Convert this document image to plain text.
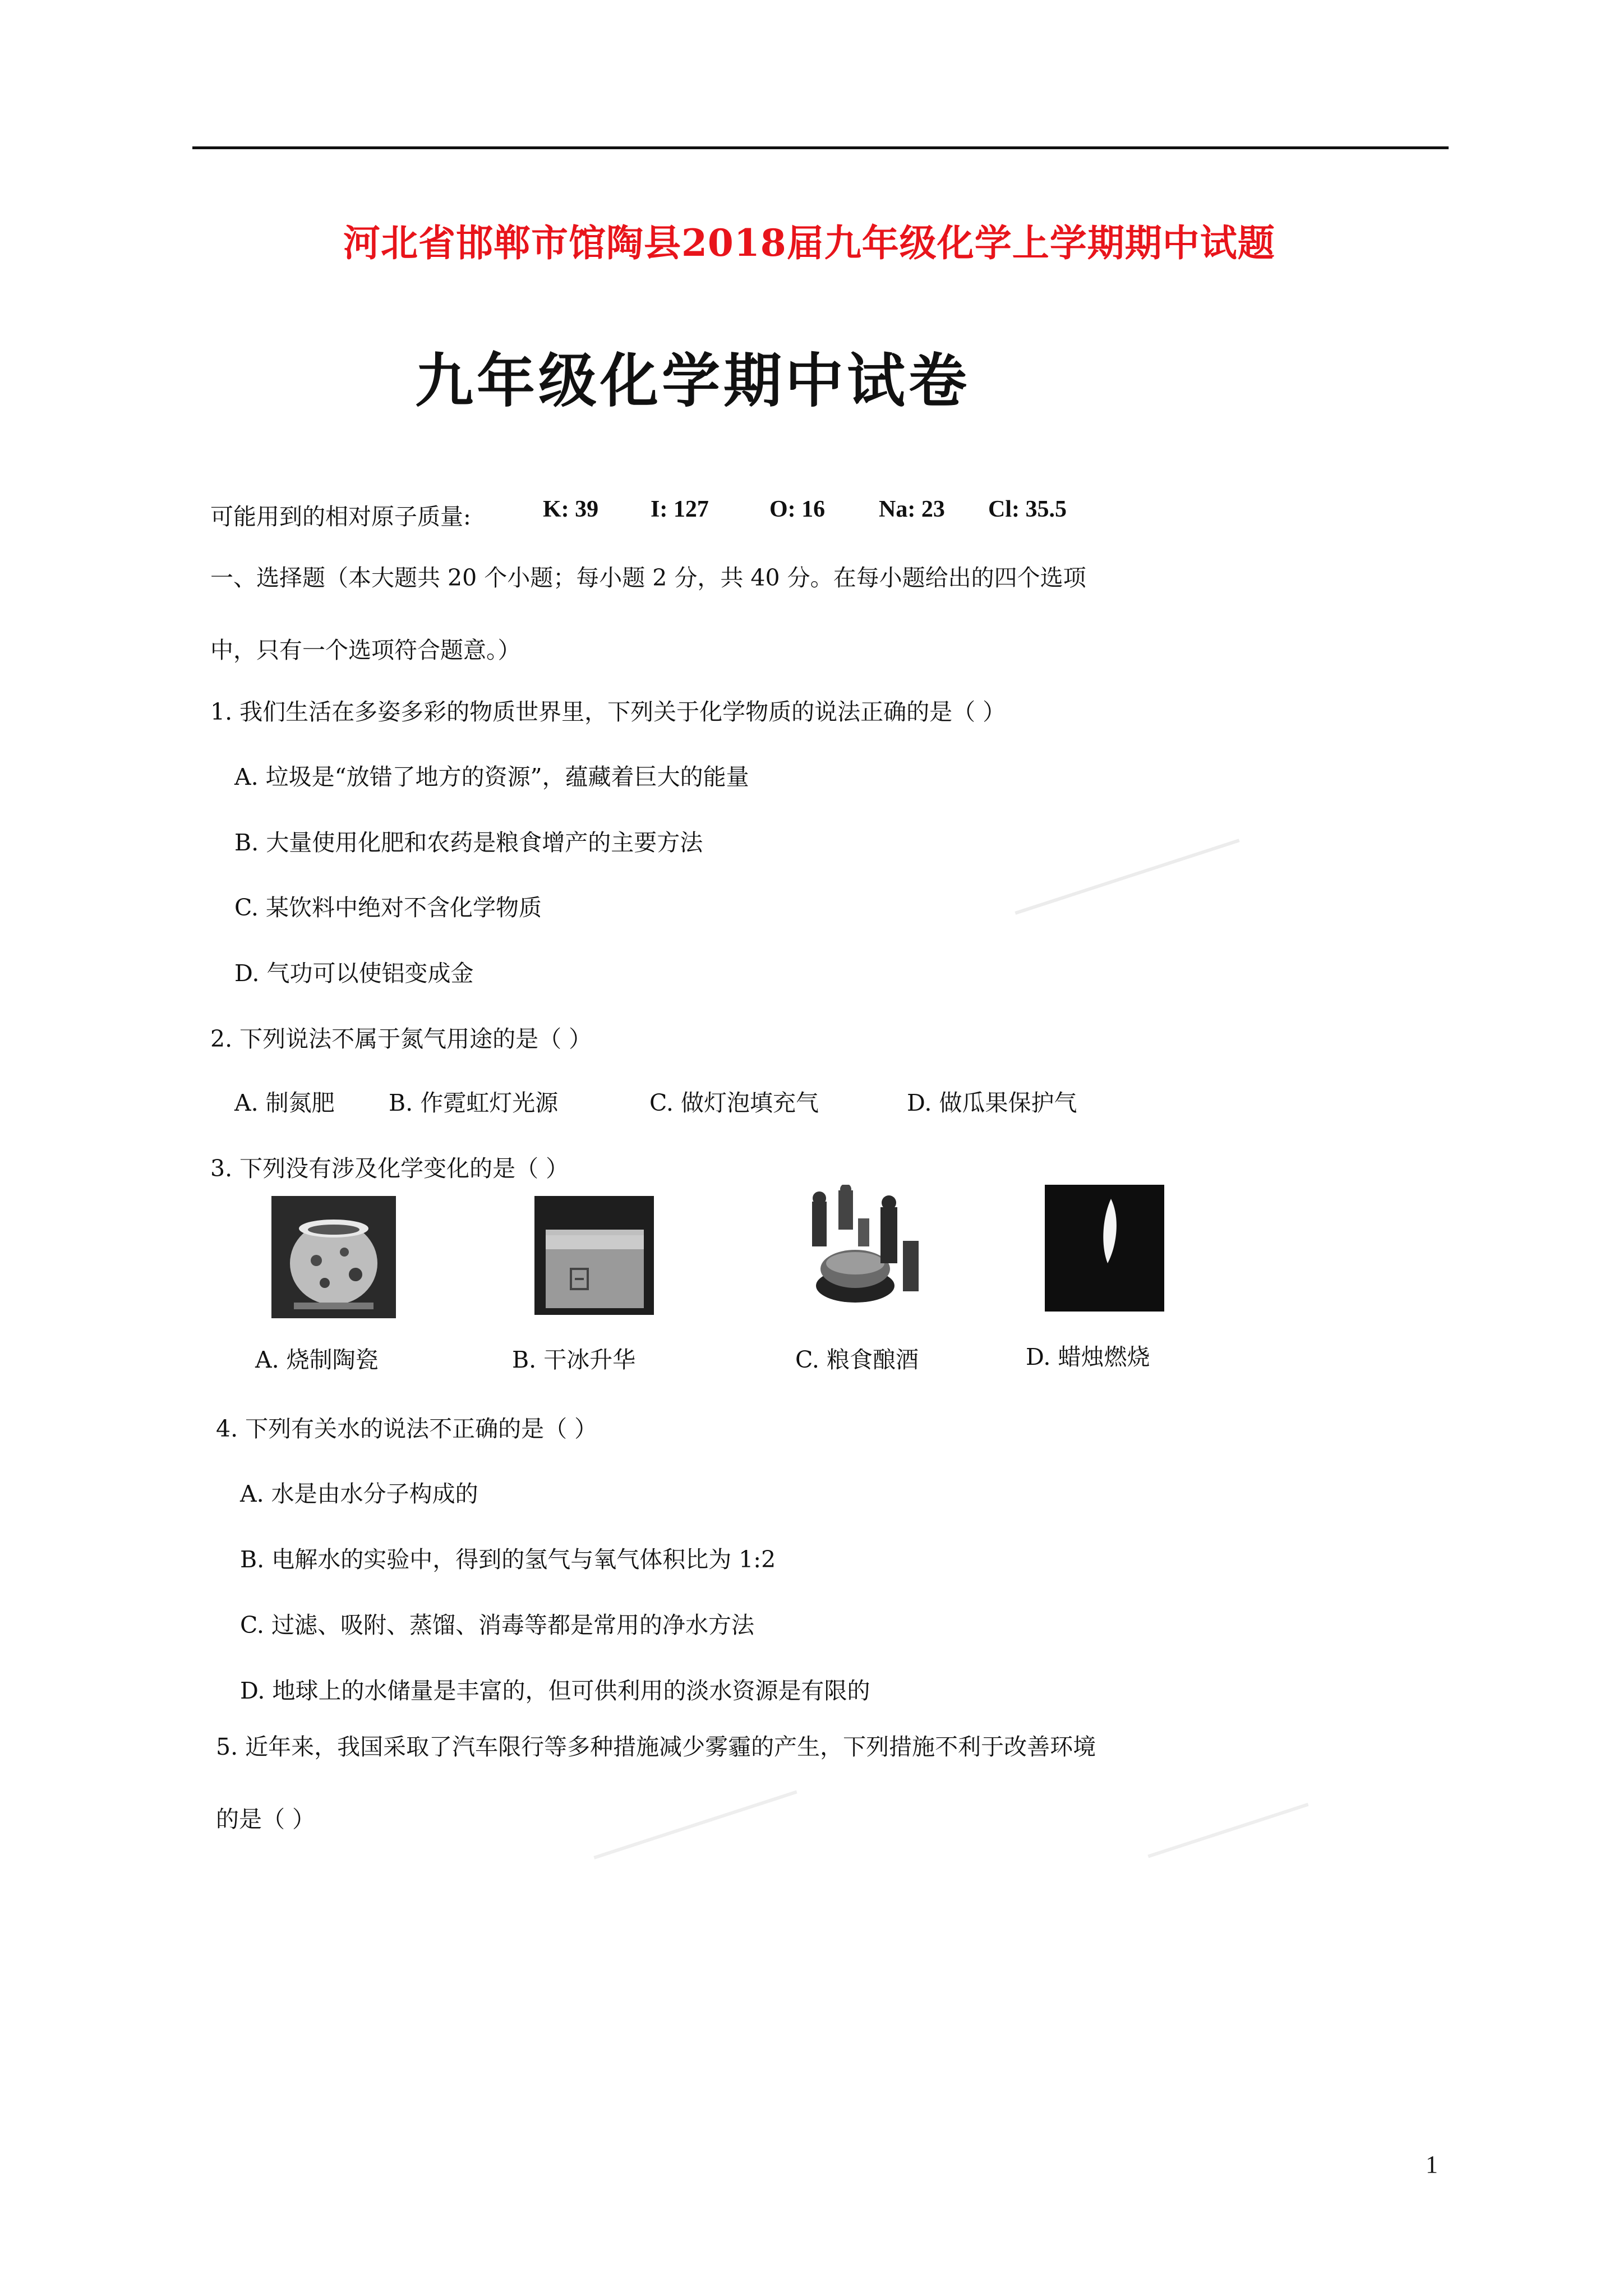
河北省邯郸市馆陶县2018届九年级化学上学期期中试题
九年级化学期中试卷
可能用到的相对原子质量:	K: 39 I: 127	O: 16 Na: 23 Cl: 35.5
一、选择题（本大题共 20 个小题；每小题 2 分，共 40 分。在每小题给出的四个选项
中，只有一个选项符合题意。）
1. 我们生活在多姿多彩的物质世界里，下列关于化学物质的说法正确的是（ ）
A. 垃圾是“放错了地方的资源”，蕴藏着巨大的能量
B. 大量使用化肥和农药是粮食增产的主要方法
C. 某饮料中绝对不含化学物质
D. 气功可以使铝变成金
2. 下列说法不属于氮气用途的是（ ）
A. 制氮肥 B. 作霓虹灯光源	C. 做灯泡填充气	D. 做瓜果保护气
3. 下列没有涉及化学变化的是（ ）
A. 烧制陶瓷	B. 干冰升华	C. 粮食酿酒	D. 蜡烛燃烧
4. 下列有关水的说法不正确的是（ ）
A. 水是由水分子构成的
B. 电解水的实验中，得到的氢气与氧气体积比为 1:2
C. 过滤、吸附、蒸馏、消毒等都是常用的净水方法
D. 地球上的水储量是丰富的，但可供利用的淡水资源是有限的
5. 近年来，我国采取了汽车限行等多种措施减少雾霾的产生，下列措施不利于改善环境
的是（ ）
1
